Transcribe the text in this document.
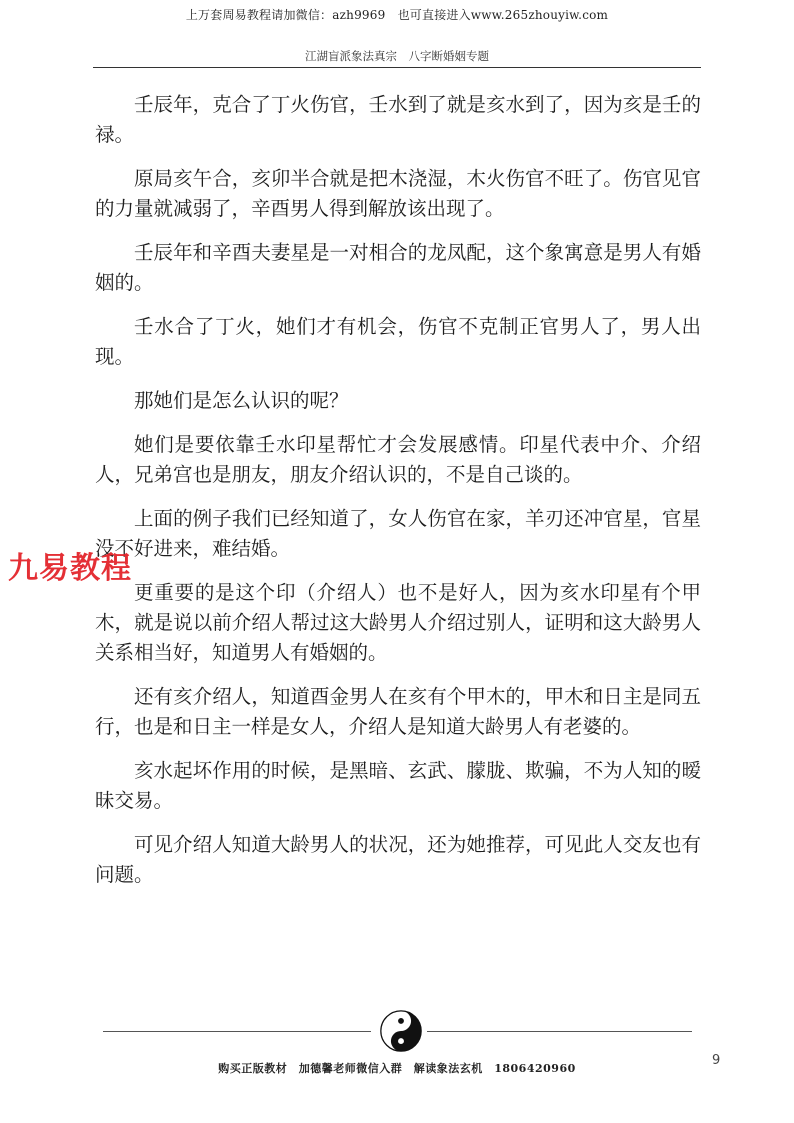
上万套周易教程请加微信：azh9969　也可直接进入www.265zhouyiw.com
江湖盲派象法真宗　八字断婚姻专题

壬辰年，克合了丁火伤官，壬水到了就是亥水到了，因为亥是壬的禄。

原局亥午合，亥卯半合就是把木浇湿，木火伤官不旺了。伤官见官的力量就减弱了，辛酉男人得到解放该出现了。

壬辰年和辛酉夫妻星是一对相合的龙凤配，这个象寓意是男人有婚姻的。

壬水合了丁火，她们才有机会，伤官不克制正官男人了，男人出现。

那她们是怎么认识的呢？

她们是要依靠壬水印星帮忙才会发展感情。印星代表中介、介绍人，兄弟宫也是朋友，朋友介绍认识的，不是自己谈的。

上面的例子我们已经知道了，女人伤官在家，羊刃还冲官星，官星没不好进来，难结婚。

更重要的是这个印（介绍人）也不是好人，因为亥水印星有个甲木，就是说以前介绍人帮过这大龄男人介绍过别人，证明和这大龄男人关系相当好，知道男人有婚姻的。

还有亥介绍人，知道酉金男人在亥有个甲木的，甲木和日主是同五行，也是和日主一样是女人，介绍人是知道大龄男人有老婆的。

亥水起坏作用的时候，是黑暗、玄武、朦胧、欺骗，不为人知的暧昧交易。

可见介绍人知道大龄男人的状况，还为她推荐，可见此人交友也有问题。

九易教程
购买正版教材　加德馨老师微信入群　解读象法玄机　1806420960
9
